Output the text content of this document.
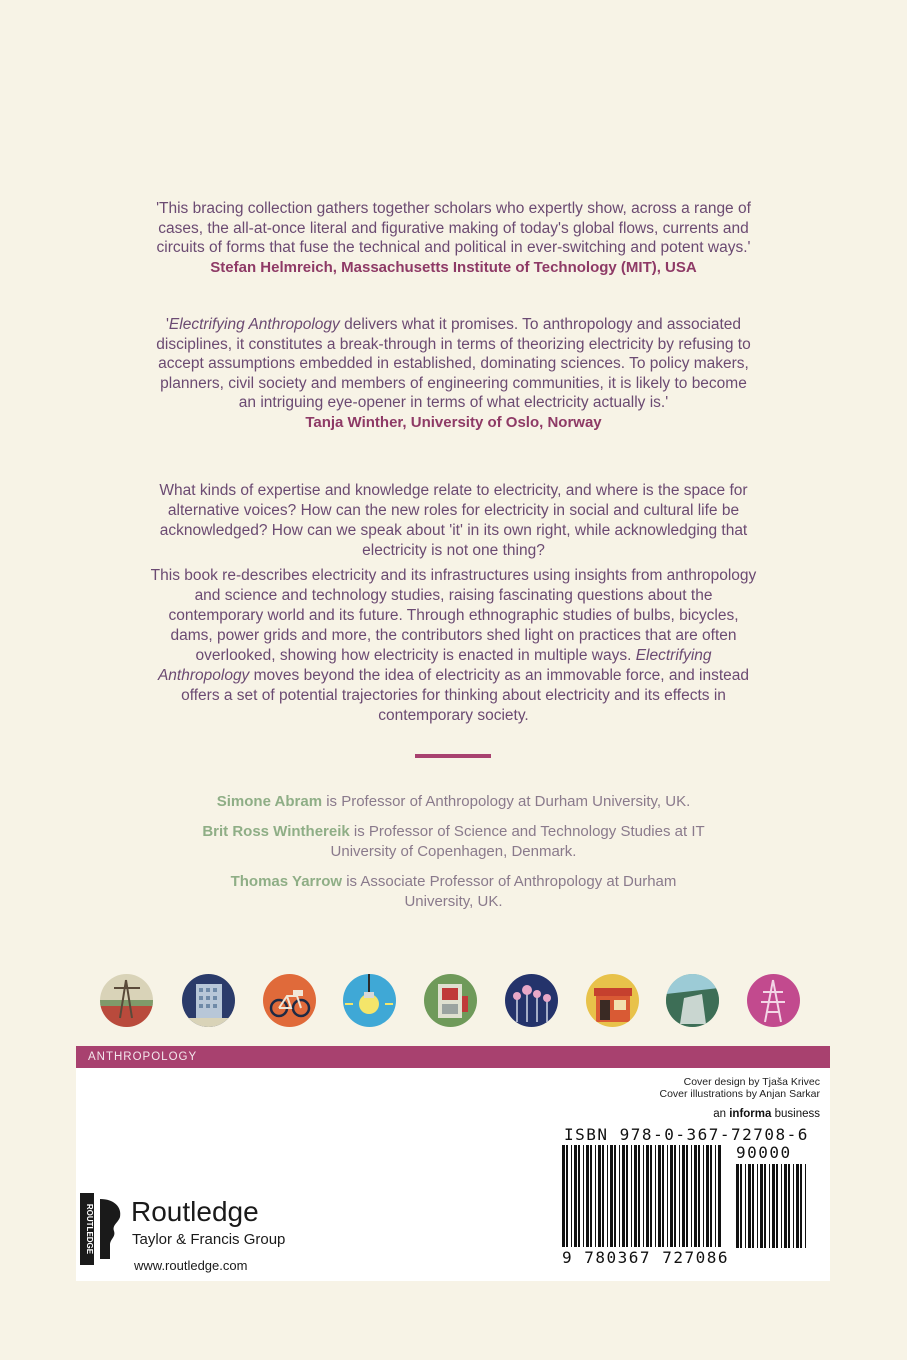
'This bracing collection gathers together scholars who expertly show, across a range of cases, the all-at-once literal and figurative making of today's global flows, currents and circuits of forms that fuse the technical and political in ever-switching and potent ways.'
Stefan Helmreich, Massachusetts Institute of Technology (MIT), USA
'Electrifying Anthropology delivers what it promises. To anthropology and associated disciplines, it constitutes a break-through in terms of theorizing electricity by refusing to accept assumptions embedded in established, dominating sciences. To policy makers, planners, civil society and members of engineering communities, it is likely to become an intriguing eye-opener in terms of what electricity actually is.'
Tanja Winther, University of Oslo, Norway
What kinds of expertise and knowledge relate to electricity, and where is the space for alternative voices? How can the new roles for electricity in social and cultural life be acknowledged? How can we speak about 'it' in its own right, while acknowledging that electricity is not one thing?
This book re-describes electricity and its infrastructures using insights from anthropology and science and technology studies, raising fascinating questions about the contemporary world and its future. Through ethnographic studies of bulbs, bicycles, dams, power grids and more, the contributors shed light on practices that are often overlooked, showing how electricity is enacted in multiple ways. Electrifying Anthropology moves beyond the idea of electricity as an immovable force, and instead offers a set of potential trajectories for thinking about electricity and its effects in contemporary society.
Simone Abram is Professor of Anthropology at Durham University, UK.
Brit Ross Winthereik is Professor of Science and Technology Studies at IT University of Copenhagen, Denmark.
Thomas Yarrow is Associate Professor of Anthropology at Durham University, UK.
ANTHROPOLOGY
Cover design by Tjaša Krivec
Cover illustrations by Anjan Sarkar
an informa business
ISBN 978-0-367-72708-6
90000
9 780367 727086
ROUTLEDGE Routledge
Taylor & Francis Group
www.routledge.com
